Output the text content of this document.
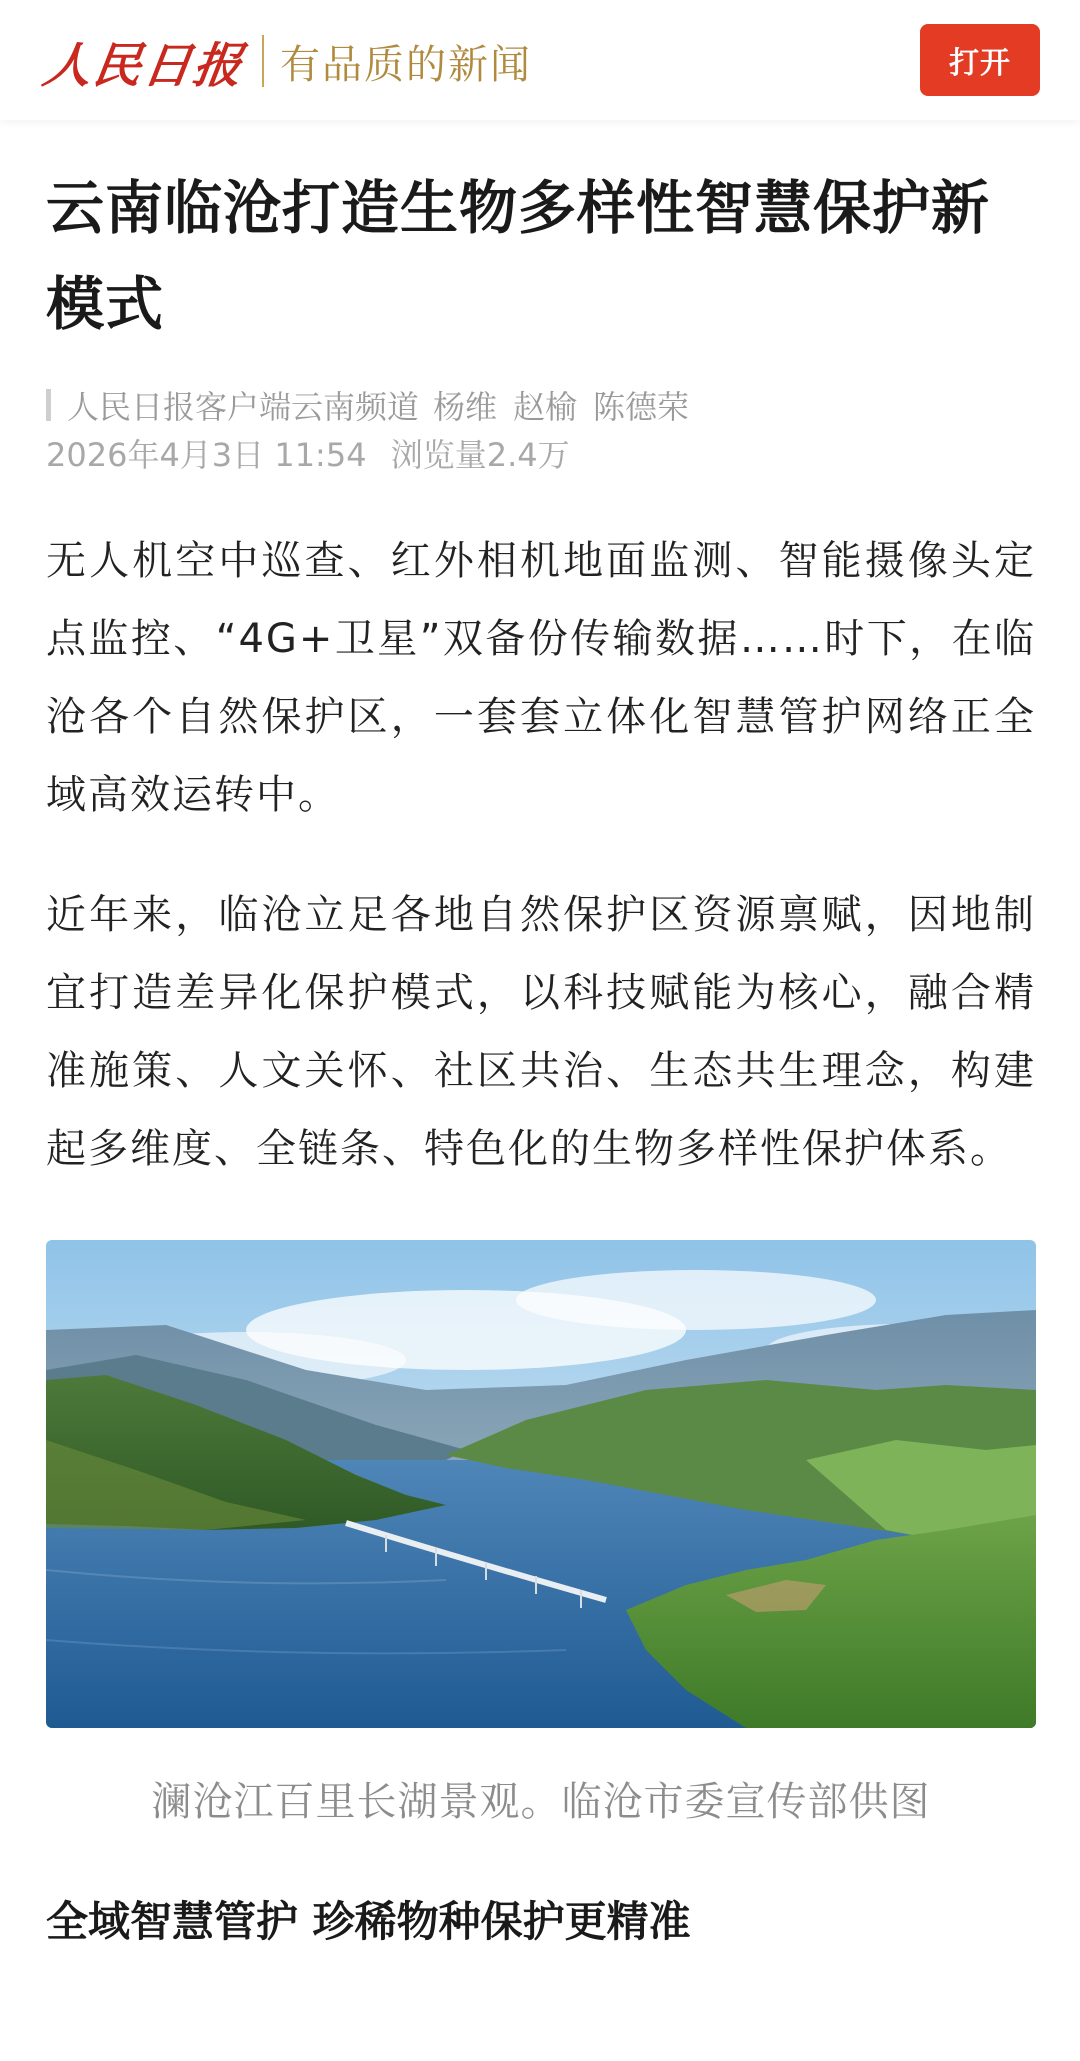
人民日报 有品质的新闻	打开
云南临沧打造生物多样性智慧保护新模式
人民日报客户端云南频道 杨维 赵榆 陈德荣
2026年4月3日 11:54 浏览量2.4万

无人机空中巡查、红外相机地面监测、智能摄像头定点监控、“4G+卫星”双备份传输数据……时下，在临沧各个自然保护区，一套套立体化智慧管护网络正全域高效运转中。

近年来，临沧立足各地自然保护区资源禀赋，因地制宜打造差异化保护模式，以科技赋能为核心，融合精准施策、人文关怀、社区共治、生态共生理念，构建起多维度、全链条、特色化的生物多样性保护体系。

澜沧江百里长湖景观。临沧市委宣传部供图
全域智慧管护 珍稀物种保护更精准
